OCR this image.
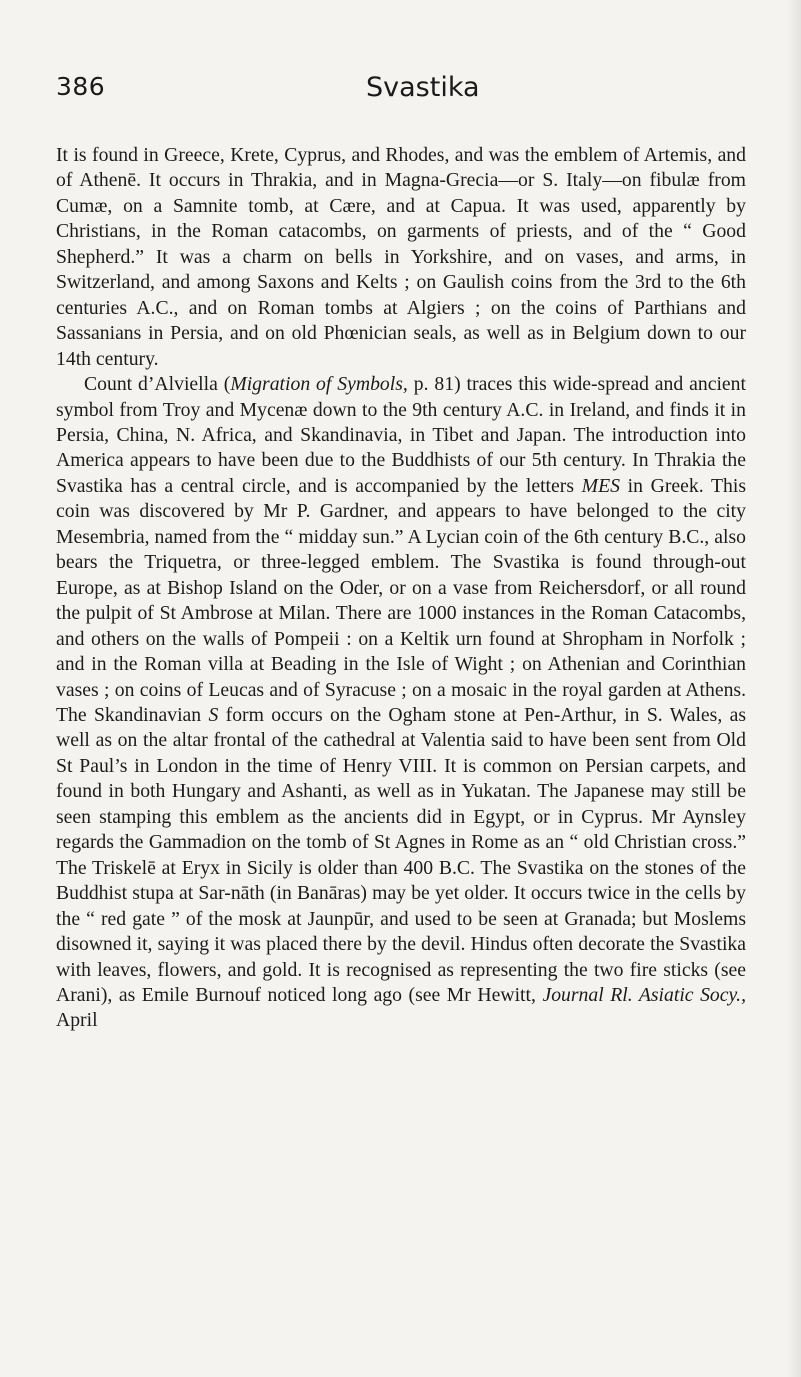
386	Svastika

It is found in Greece, Krete, Cyprus, and Rhodes, and was the emblem of Artemis, and of Athenē. It occurs in Thrakia, and in Magna-Grecia—or S. Italy—on fibulæ from Cumæ, on a Samnite tomb, at Cære, and at Capua. It was used, apparently by Christians, in the Roman catacombs, on garments of priests, and of the “ Good Shepherd.” It was a charm on bells in Yorkshire, and on vases, and arms, in Switzerland, and among Saxons and Kelts ; on Gaulish coins from the 3rd to the 6th centuries A.C., and on Roman tombs at Algiers ; on the coins of Parthians and Sassanians in Persia, and on old Phœnician seals, as well as in Belgium down to our 14th century.

Count d’Alviella (Migration of Symbols, p. 81) traces this wide-spread and ancient symbol from Troy and Mycenæ down to the 9th century A.C. in Ireland, and finds it in Persia, China, N. Africa, and Skandinavia, in Tibet and Japan. The introduction into America appears to have been due to the Buddhists of our 5th century. In Thrakia the Svastika has a central circle, and is accompanied by the letters MES in Greek. This coin was discovered by Mr P. Gardner, and appears to have belonged to the city Mesembria, named from the “ midday sun.” A Lycian coin of the 6th century B.C., also bears the Triquetra, or three-legged emblem. The Svastika is found through-out Europe, as at Bishop Island on the Oder, or on a vase from Reichersdorf, or all round the pulpit of St Ambrose at Milan. There are 1000 instances in the Roman Catacombs, and others on the walls of Pompeii : on a Keltik urn found at Shropham in Norfolk ; and in the Roman villa at Beading in the Isle of Wight ; on Athenian and Corinthian vases ; on coins of Leucas and of Syracuse ; on a mosaic in the royal garden at Athens. The Skandinavian S form occurs on the Ogham stone at Pen-Arthur, in S. Wales, as well as on the altar frontal of the cathedral at Valentia said to have been sent from Old St Paul’s in London in the time of Henry VIII. It is common on Persian carpets, and found in both Hungary and Ashanti, as well as in Yukatan. The Japanese may still be seen stamping this emblem as the ancients did in Egypt, or in Cyprus. Mr Aynsley regards the Gammadion on the tomb of St Agnes in Rome as an “ old Christian cross.” The Triskelē at Eryx in Sicily is older than 400 B.C. The Svastika on the stones of the Buddhist stupa at Sar-nāth (in Banāras) may be yet older. It occurs twice in the cells by the “ red gate ” of the mosk at Jaunpūr, and used to be seen at Granada; but Moslems disowned it, saying it was placed there by the devil. Hindus often decorate the Svastika with leaves, flowers, and gold. It is recognised as representing the two fire sticks (see Arani), as Emile Burnouf noticed long ago (see Mr Hewitt, Journal Rl. Asiatic Socy., April
